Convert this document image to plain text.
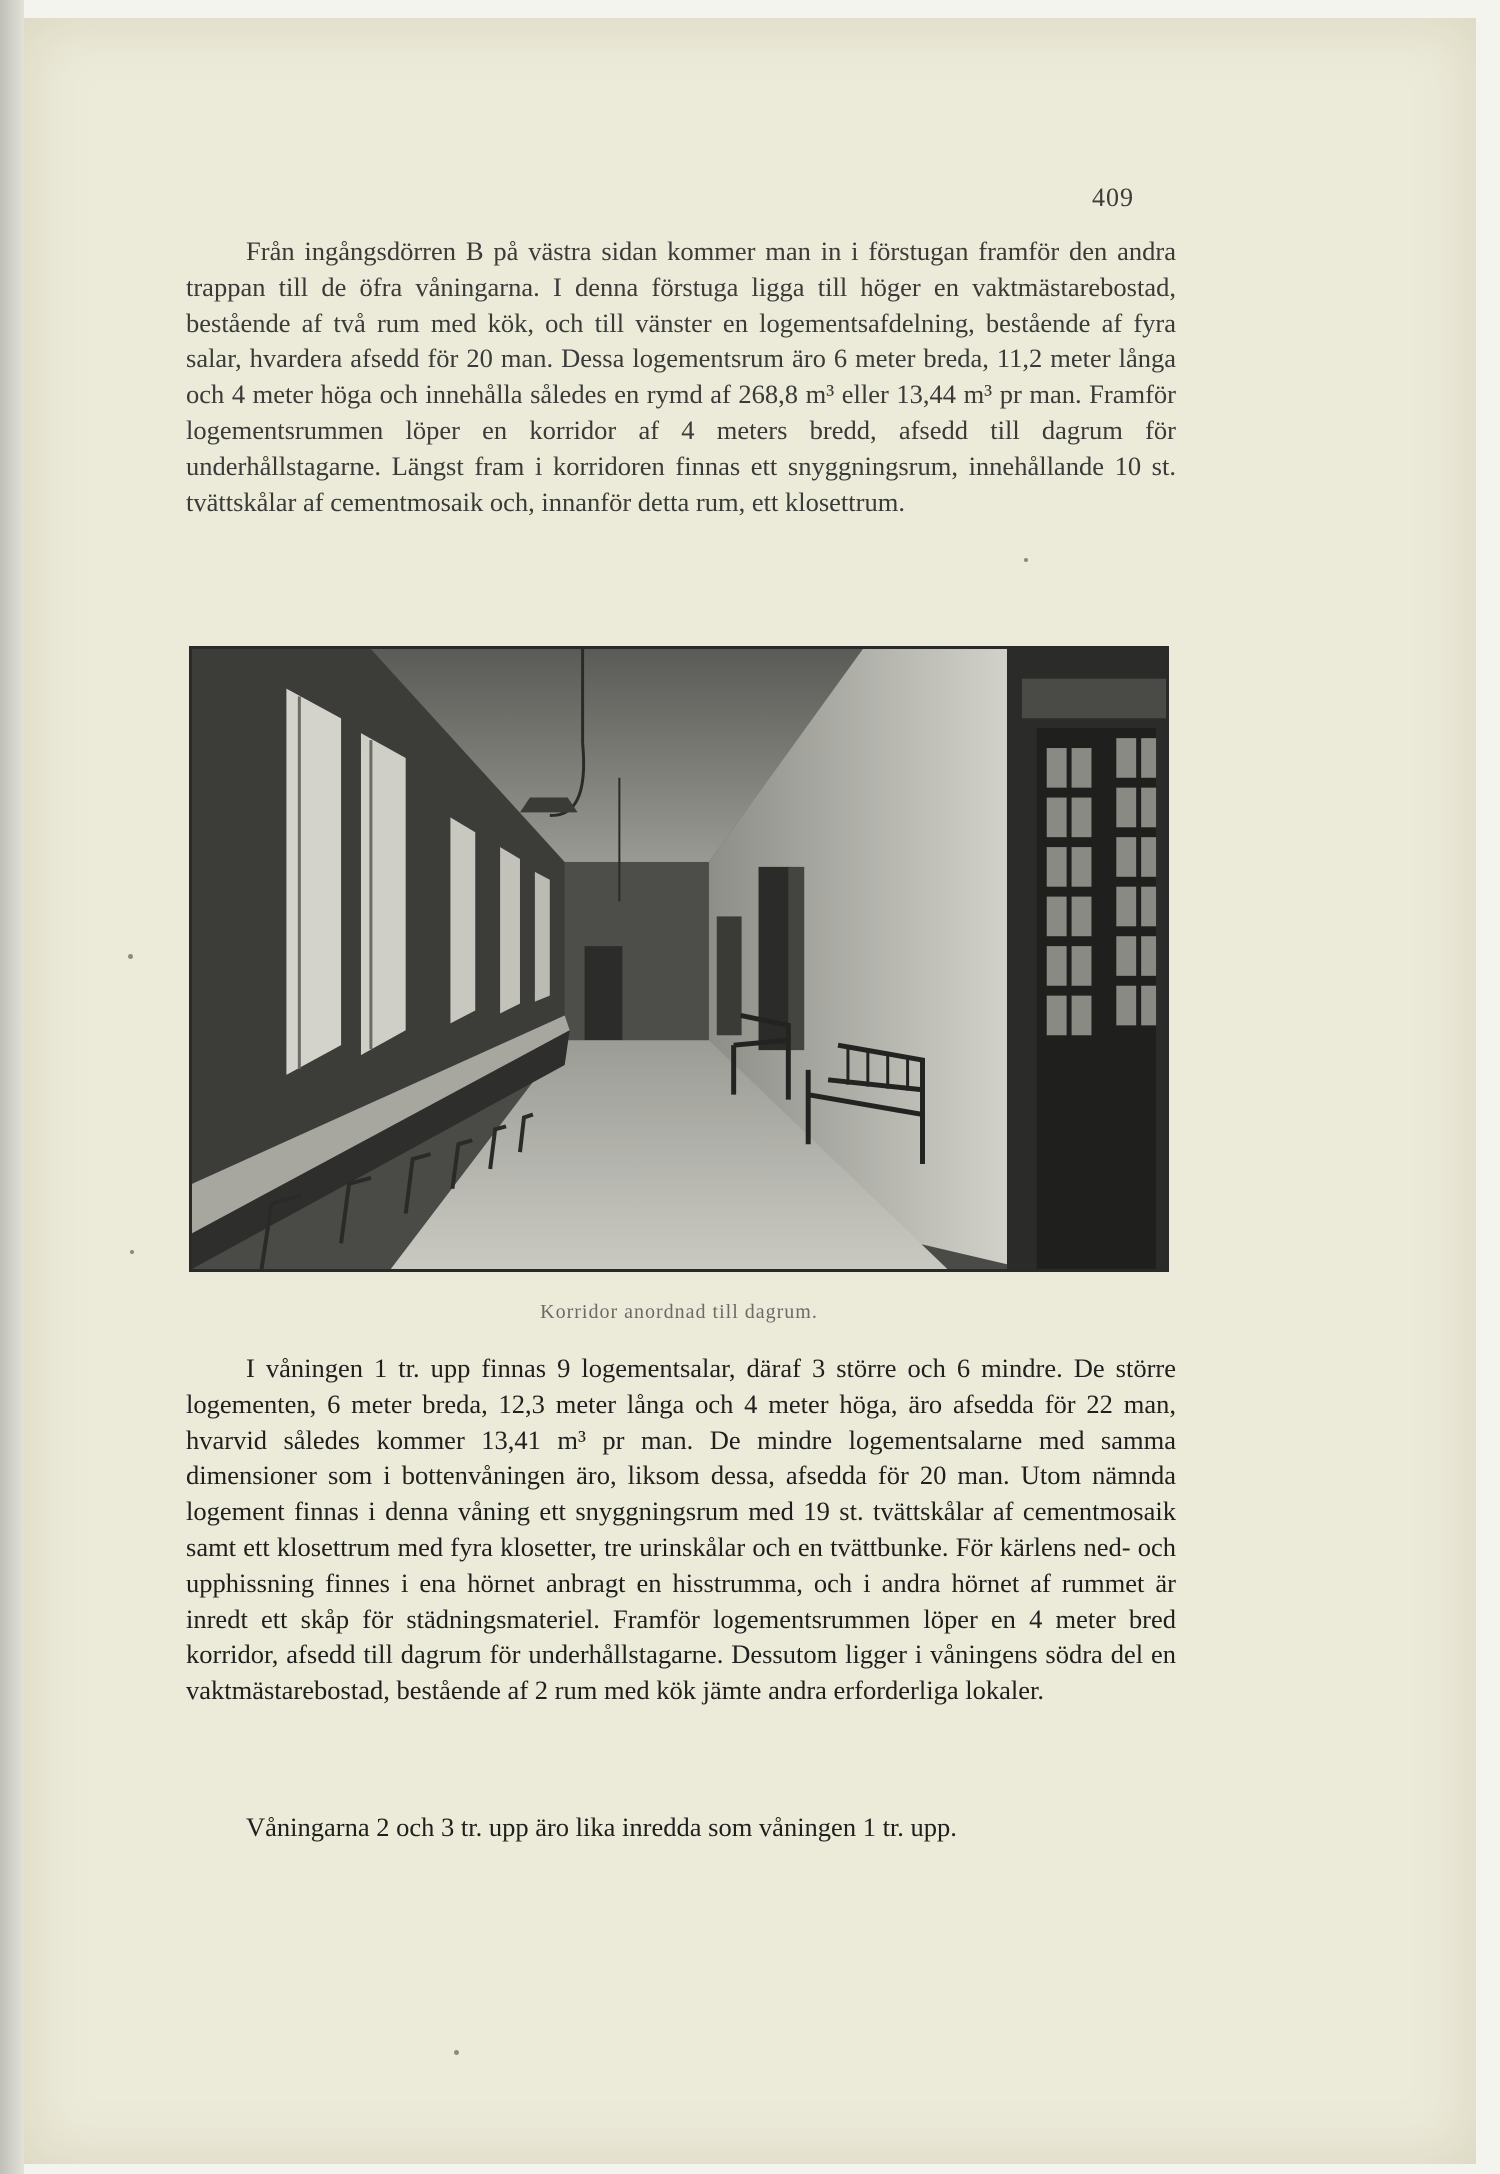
409

Från ingångsdörren B på västra sidan kommer man in i förstugan framför den andra trappan till de öfra våningarna. I denna förstuga ligga till höger en vaktmästarebostad, bestående af två rum med kök, och till vänster en logementsafdelning, bestående af fyra salar, hvardera afsedd för 20 man. Dessa logementsrum äro 6 meter breda, 11,2 meter långa och 4 meter höga och innehålla således en rymd af 268,8 m³ eller 13,44 m³ pr man. Framför logementsrummen löper en korridor af 4 meters bredd, afsedd till dagrum för underhållstagarne. Längst fram i korridoren finnas ett snyggningsrum, innehållande 10 st. tvättskålar af cementmosaik och, innanför detta rum, ett klosettrum.

Korridor anordnad till dagrum.

I våningen 1 tr. upp finnas 9 logementsalar, däraf 3 större och 6 mindre. De större logementen, 6 meter breda, 12,3 meter långa och 4 meter höga, äro afsedda för 22 man, hvarvid således kommer 13,41 m³ pr man. De mindre logementsalarne med samma dimensioner som i bottenvåningen äro, liksom dessa, afsedda för 20 man. Utom nämnda logement finnas i denna våning ett snyggningsrum med 19 st. tvättskålar af cementmosaik samt ett klosettrum med fyra klosetter, tre urinskålar och en tvättbunke. För kärlens ned- och upphissning finnes i ena hörnet anbragt en hisstrumma, och i andra hörnet af rummet är inredt ett skåp för städningsmateriel. Framför logementsrummen löper en 4 meter bred korridor, afsedd till dagrum för underhållstagarne. Dessutom ligger i våningens södra del en vaktmästarebostad, bestående af 2 rum med kök jämte andra erforderliga lokaler.

Våningarna 2 och 3 tr. upp äro lika inredda som våningen 1 tr. upp.
